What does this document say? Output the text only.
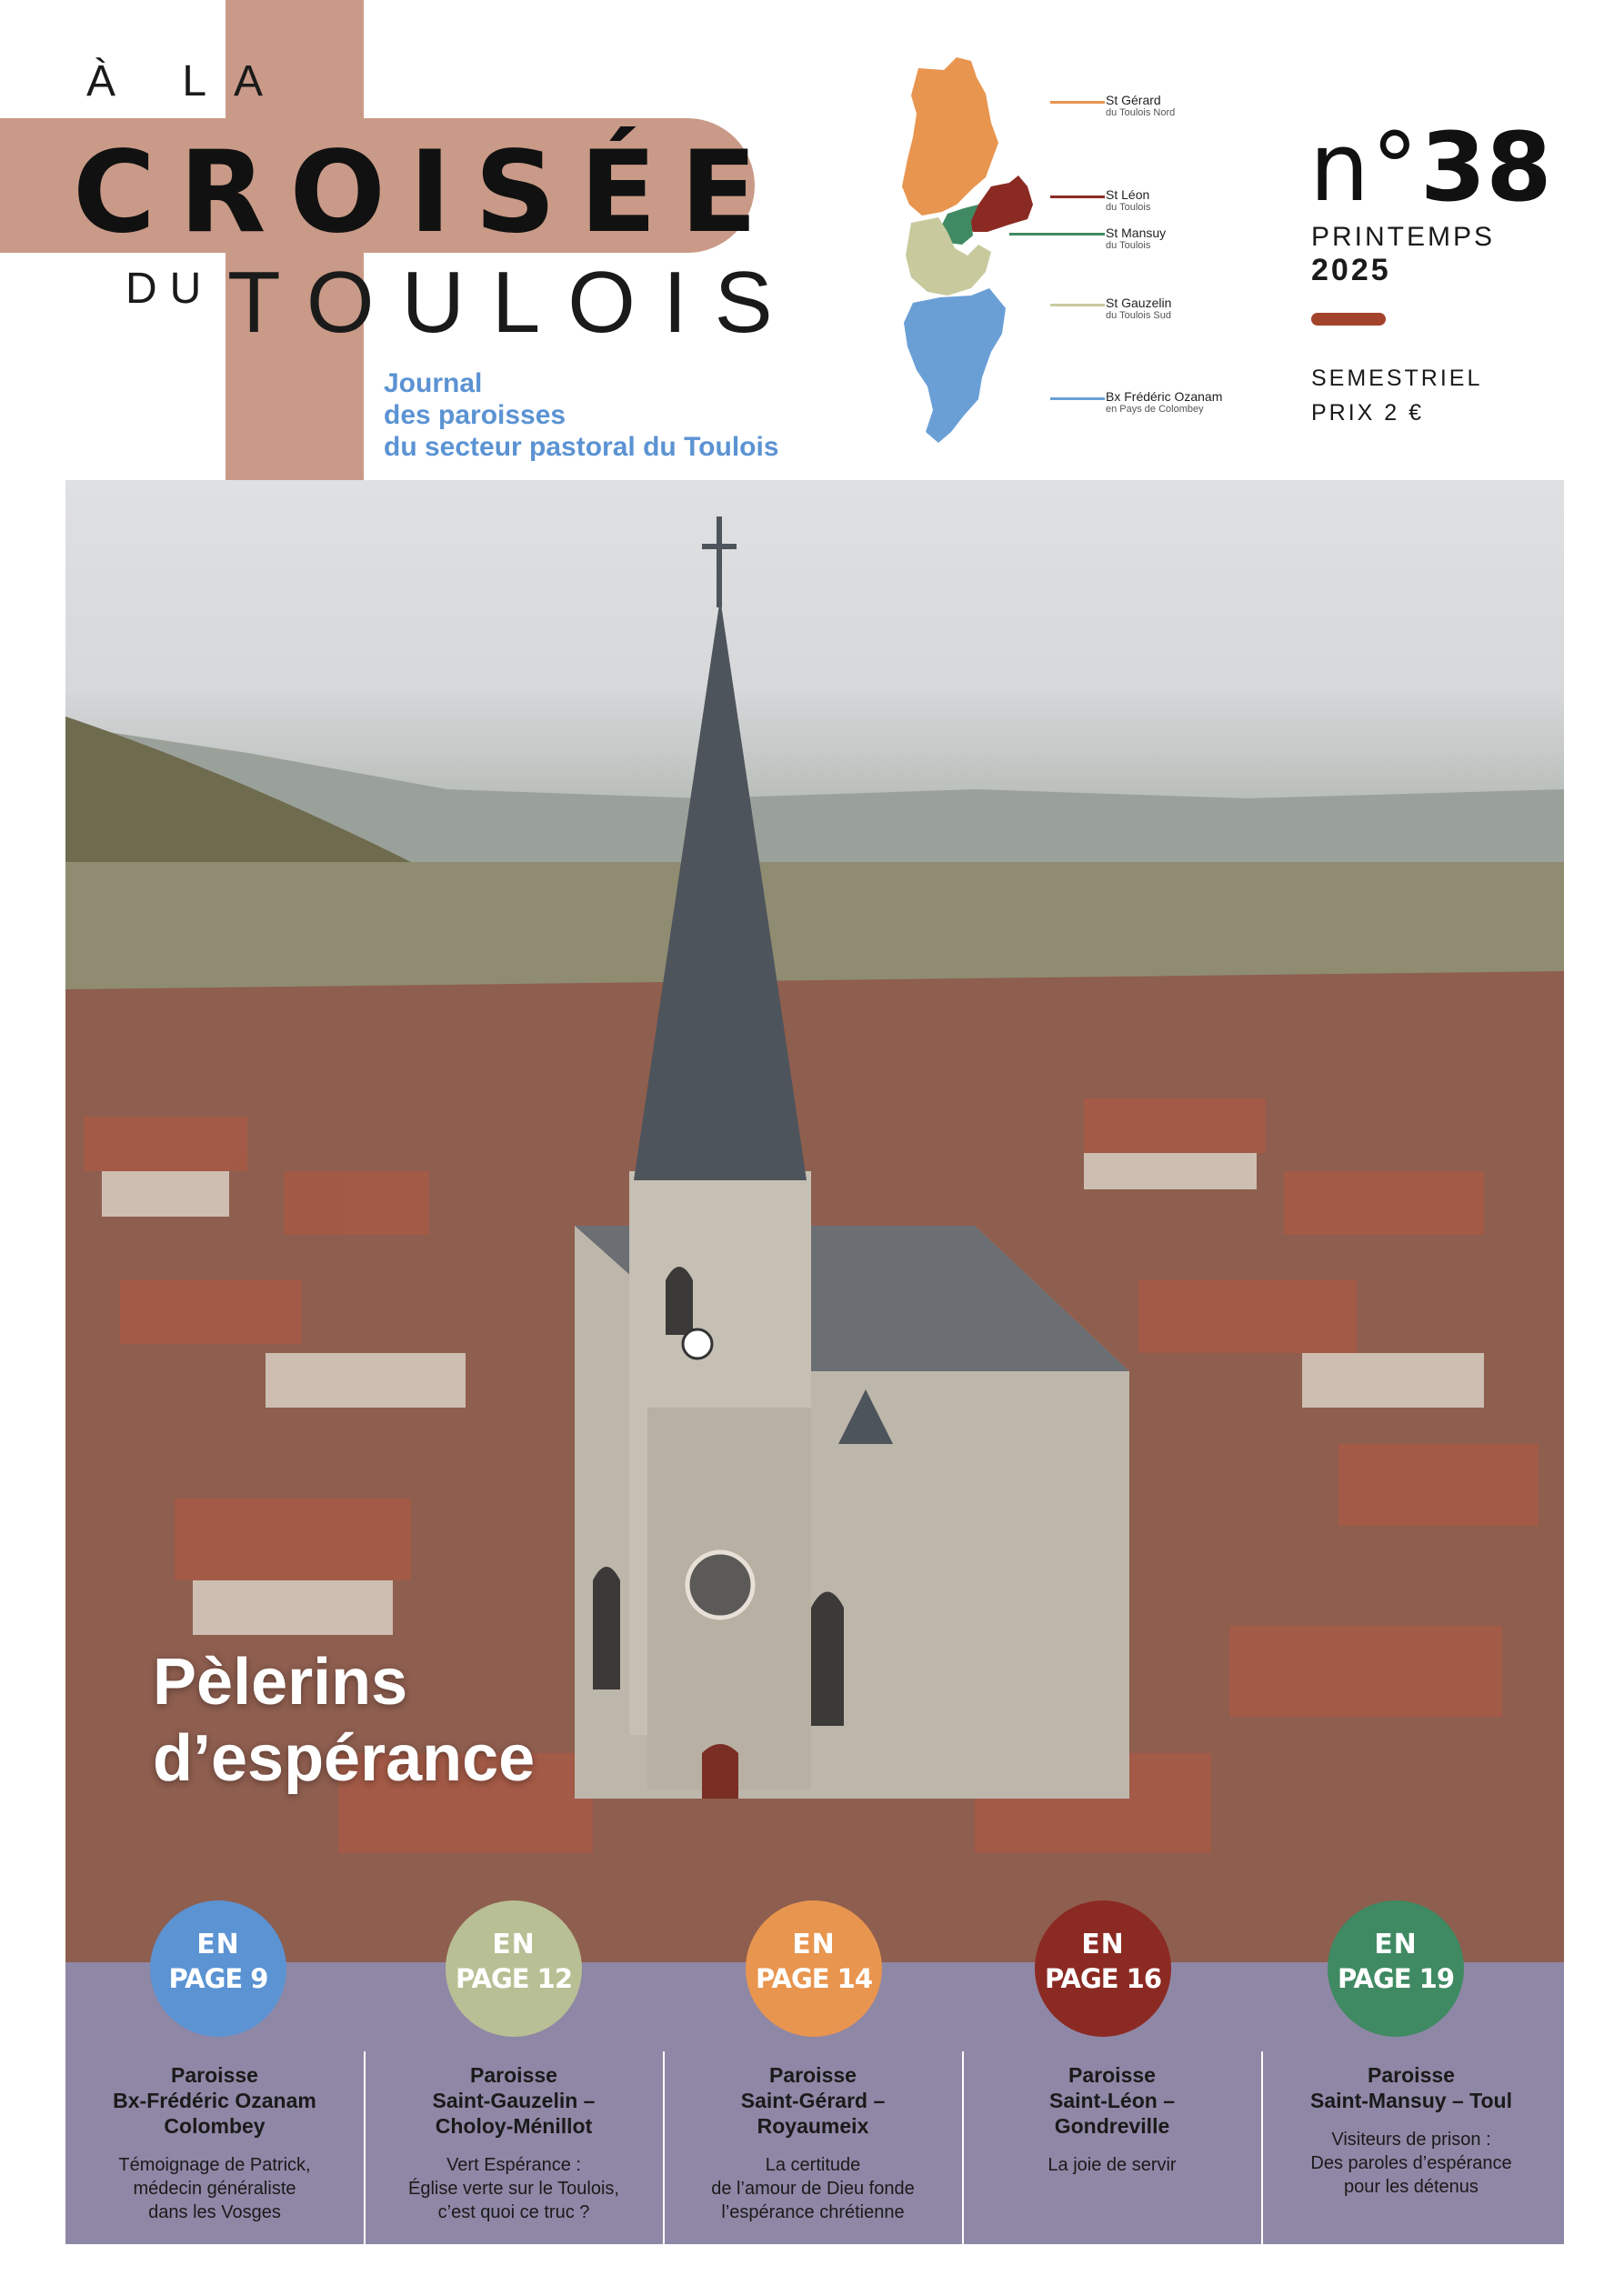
À LA
CROISÉE
DU TOULOIS
Journal
des paroisses
du secteur pastoral du Toulois
St Gérard
du Toulois Nord
St Léon
du Toulois
St Mansuy
du Toulois
St Gauzelin
du Toulois Sud
Bx Frédéric Ozanam
en Pays de Colombey
n°38
PRINTEMPS
2025
SEMESTRIEL
PRIX 2 €
Pèlerins
d’espérance
EN
PAGE 9
Paroisse
Bx-Frédéric Ozanam
Colombey
Témoignage de Patrick,
médecin généraliste
dans les Vosges
EN
PAGE 12
Paroisse
Saint-Gauzelin –
Choloy-Ménillot
Vert Espérance :
Église verte sur le Toulois,
c’est quoi ce truc ?
EN
PAGE 14
Paroisse
Saint-Gérard –
Royaumeix
La certitude
de l’amour de Dieu fonde
l’espérance chrétienne
EN
PAGE 16
Paroisse
Saint-Léon –
Gondreville
La joie de servir
EN
PAGE 19
Paroisse
Saint-Mansuy – Toul
Visiteurs de prison :
Des paroles d’espérance
pour les détenus
